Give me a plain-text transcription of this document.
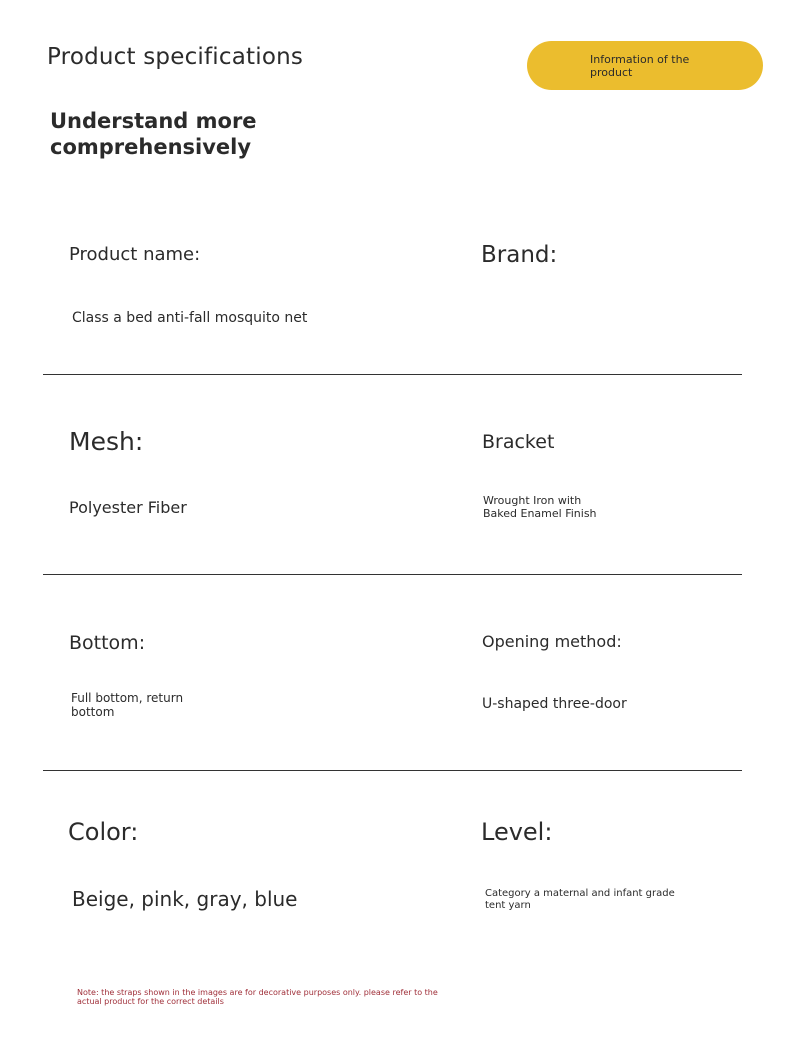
Product specifications
Understand more comprehensively
Information of the product
Product name:	Brand:
Class a bed anti-fall mosquito net
Mesh:	Bracket
Polyester Fiber	Wrought Iron with Baked Enamel Finish
Bottom:	Opening method:
Full bottom, return bottom	U-shaped three-door
Color:	Level:
Beige, pink, gray, blue	Category a maternal and infant grade tent yarn
Note: the straps shown in the images are for decorative purposes only. please refer to the actual product for the correct details
